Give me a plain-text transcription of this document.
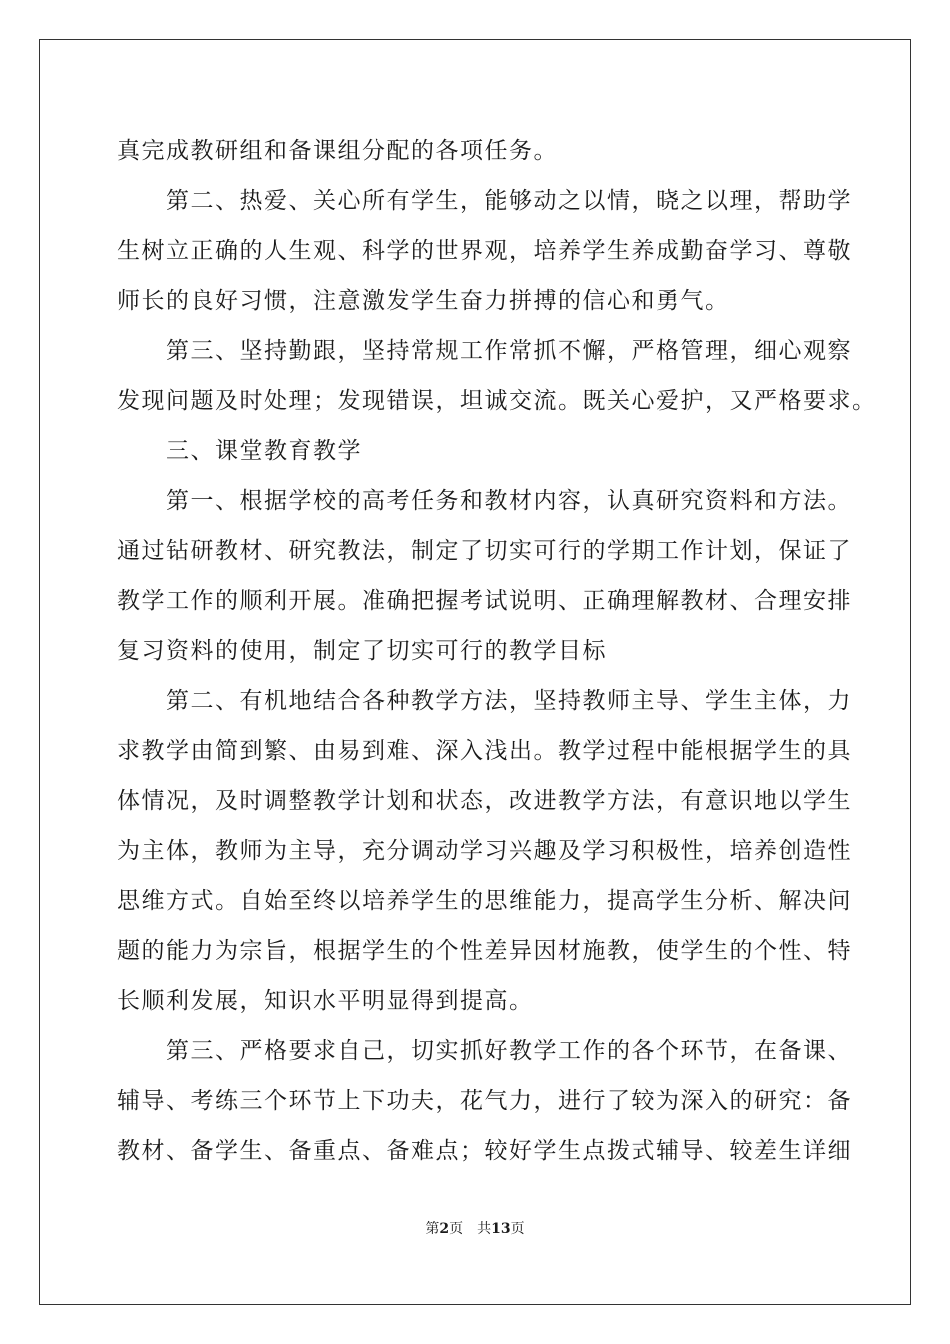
真完成教研组和备课组分配的各项任务。
　　第二、热爱、关心所有学生，能够动之以情，晓之以理，帮助学
生树立正确的人生观、科学的世界观，培养学生养成勤奋学习、尊敬
师长的良好习惯，注意激发学生奋力拼搏的信心和勇气。
　　第三、坚持勤跟，坚持常规工作常抓不懈，严格管理，细心观察
发现问题及时处理；发现错误，坦诚交流。既关心爱护，又严格要求。
　　三、课堂教育教学
　　第一、根据学校的高考任务和教材内容，认真研究资料和方法。
通过钻研教材、研究教法，制定了切实可行的学期工作计划，保证了
教学工作的顺利开展。准确把握考试说明、正确理解教材、合理安排
复习资料的使用，制定了切实可行的教学目标
　　第二、有机地结合各种教学方法，坚持教师主导、学生主体，力
求教学由简到繁、由易到难、深入浅出。教学过程中能根据学生的具
体情况，及时调整教学计划和状态，改进教学方法，有意识地以学生
为主体，教师为主导，充分调动学习兴趣及学习积极性，培养创造性
思维方式。自始至终以培养学生的思维能力，提高学生分析、解决问
题的能力为宗旨，根据学生的个性差异因材施教，使学生的个性、特
长顺利发展，知识水平明显得到提高。
　　第三、严格要求自己，切实抓好教学工作的各个环节，在备课、
辅导、考练三个环节上下功夫，花气力，进行了较为深入的研究：备
教材、备学生、备重点、备难点；较好学生点拨式辅导、较差生详细
第2页　共13页
